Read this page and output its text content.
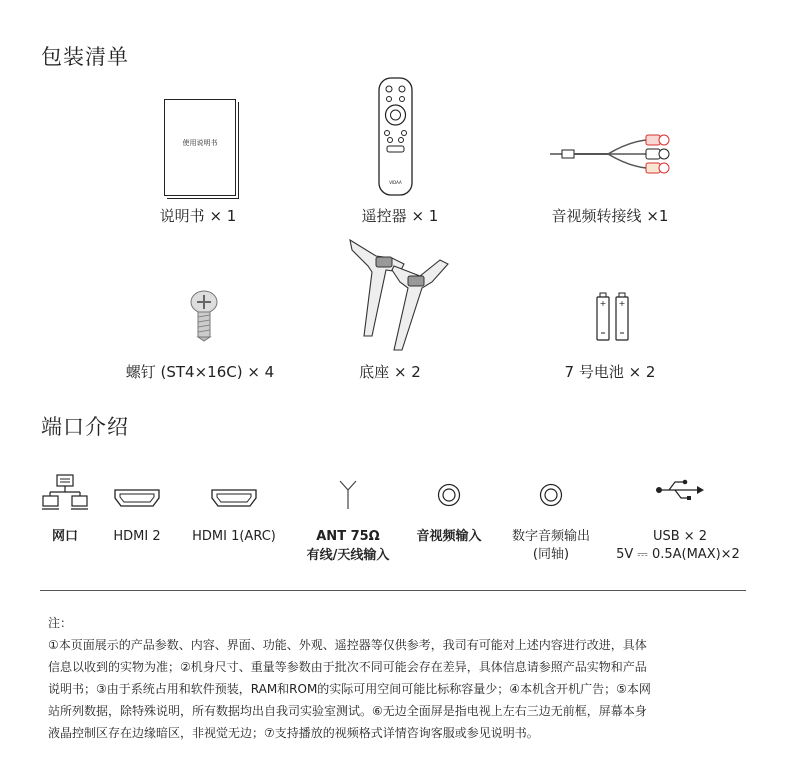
包装清单
使用说明书
说明书 × 1
VIDAA
遥控器 × 1	音视频转接线 ×1
螺钉 (ST4×16C) × 4	底座 × 2
+ +
7 号电池 × 2
端口介绍
网口	HDMI 2	HDMI 1(ARC)	ANT 75Ω
有线/天线输入
音视频输入	数字音频输出
(同轴)
USB × 2
5V ⎓ 0.5A(MAX)×2
注：
①本页面展示的产品参数、内容、界面、功能、外观、遥控器等仅供参考，我司有可能对上述内容进行改进，具体
信息以收到的实物为准；②机身尺寸、重量等参数由于批次不同可能会存在差异，具体信息请参照产品实物和产品
说明书；③由于系统占用和软件预装，RAM和ROM的实际可用空间可能比标称容量少；④本机含开机广告；⑤本网
站所列数据，除特殊说明，所有数据均出自我司实验室测试。⑥无边全面屏是指电视上左右三边无前框，屏幕本身
液晶控制区存在边缘暗区，非视觉无边；⑦支持播放的视频格式详情咨询客服或参见说明书。
